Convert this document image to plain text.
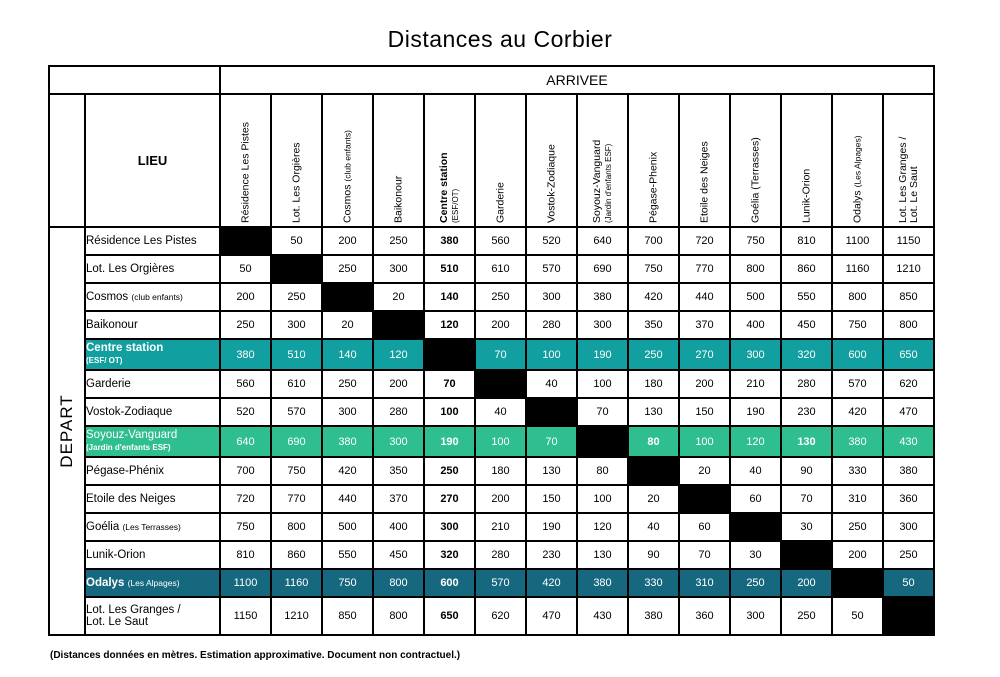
Distances au Corbier
		ARRIVEE													
	LIEU	Résidence Les Pistes	Lot. Les Orgières	Cosmos (club enfants)	Baikonour	Centre station
(ESF/OT)	Garderie	Vostok-Zodiaque	Soyouz-Vanguard
(Jardin d'enfants ESF)	Pégase-Phenix	Etoile des Neiges	Goélia (Terrasses)	Lunik-Orion	Odalys (Les Alpages)	Lot. Les Granges /
Lot. Le Saut

DEPART	Résidence Les Pistes		50	200	250	380	560	520	640	700	720	750	810	1100	1150
	Lot. Les Orgières	50		250	300	510	610	570	690	750	770	800	860	1160	1210
	Cosmos (club enfants)	200	250		20	140	250	300	380	420	440	500	550	800	850
	Baikonour	250	300	20		120	200	280	300	350	370	400	450	750	800
	Centre station
(ESF/ OT)	380	510	140	120		70	100	190	250	270	300	320	600	650
	Garderie	560	610	250	200	70		40	100	180	200	210	280	570	620
	Vostok-Zodiaque	520	570	300	280	100	40		70	130	150	190	230	420	470
	Soyouz-Vanguard
(Jardin d'enfants ESF)	640	690	380	300	190	100	70		80	100	120	130	380	430
	Pégase-Phénix	700	750	420	350	250	180	130	80		20	40	90	330	380
	Etoile des Neiges	720	770	440	370	270	200	150	100	20		60	70	310	360
	Goélia (Les Terrasses)	750	800	500	400	300	210	190	120	40	60		30	250	300
	Lunik-Orion	810	860	550	450	320	280	230	130	90	70	30		200	250
	Odalys (Les Alpages)	1100	1160	750	800	600	570	420	380	330	310	250	200		50
	Lot. Les Granges /
Lot. Le Saut	1150	1210	850	800	650	620	470	430	380	360	300	250	50	

(Distances données en mètres. Estimation approximative. Document non contractuel.)
